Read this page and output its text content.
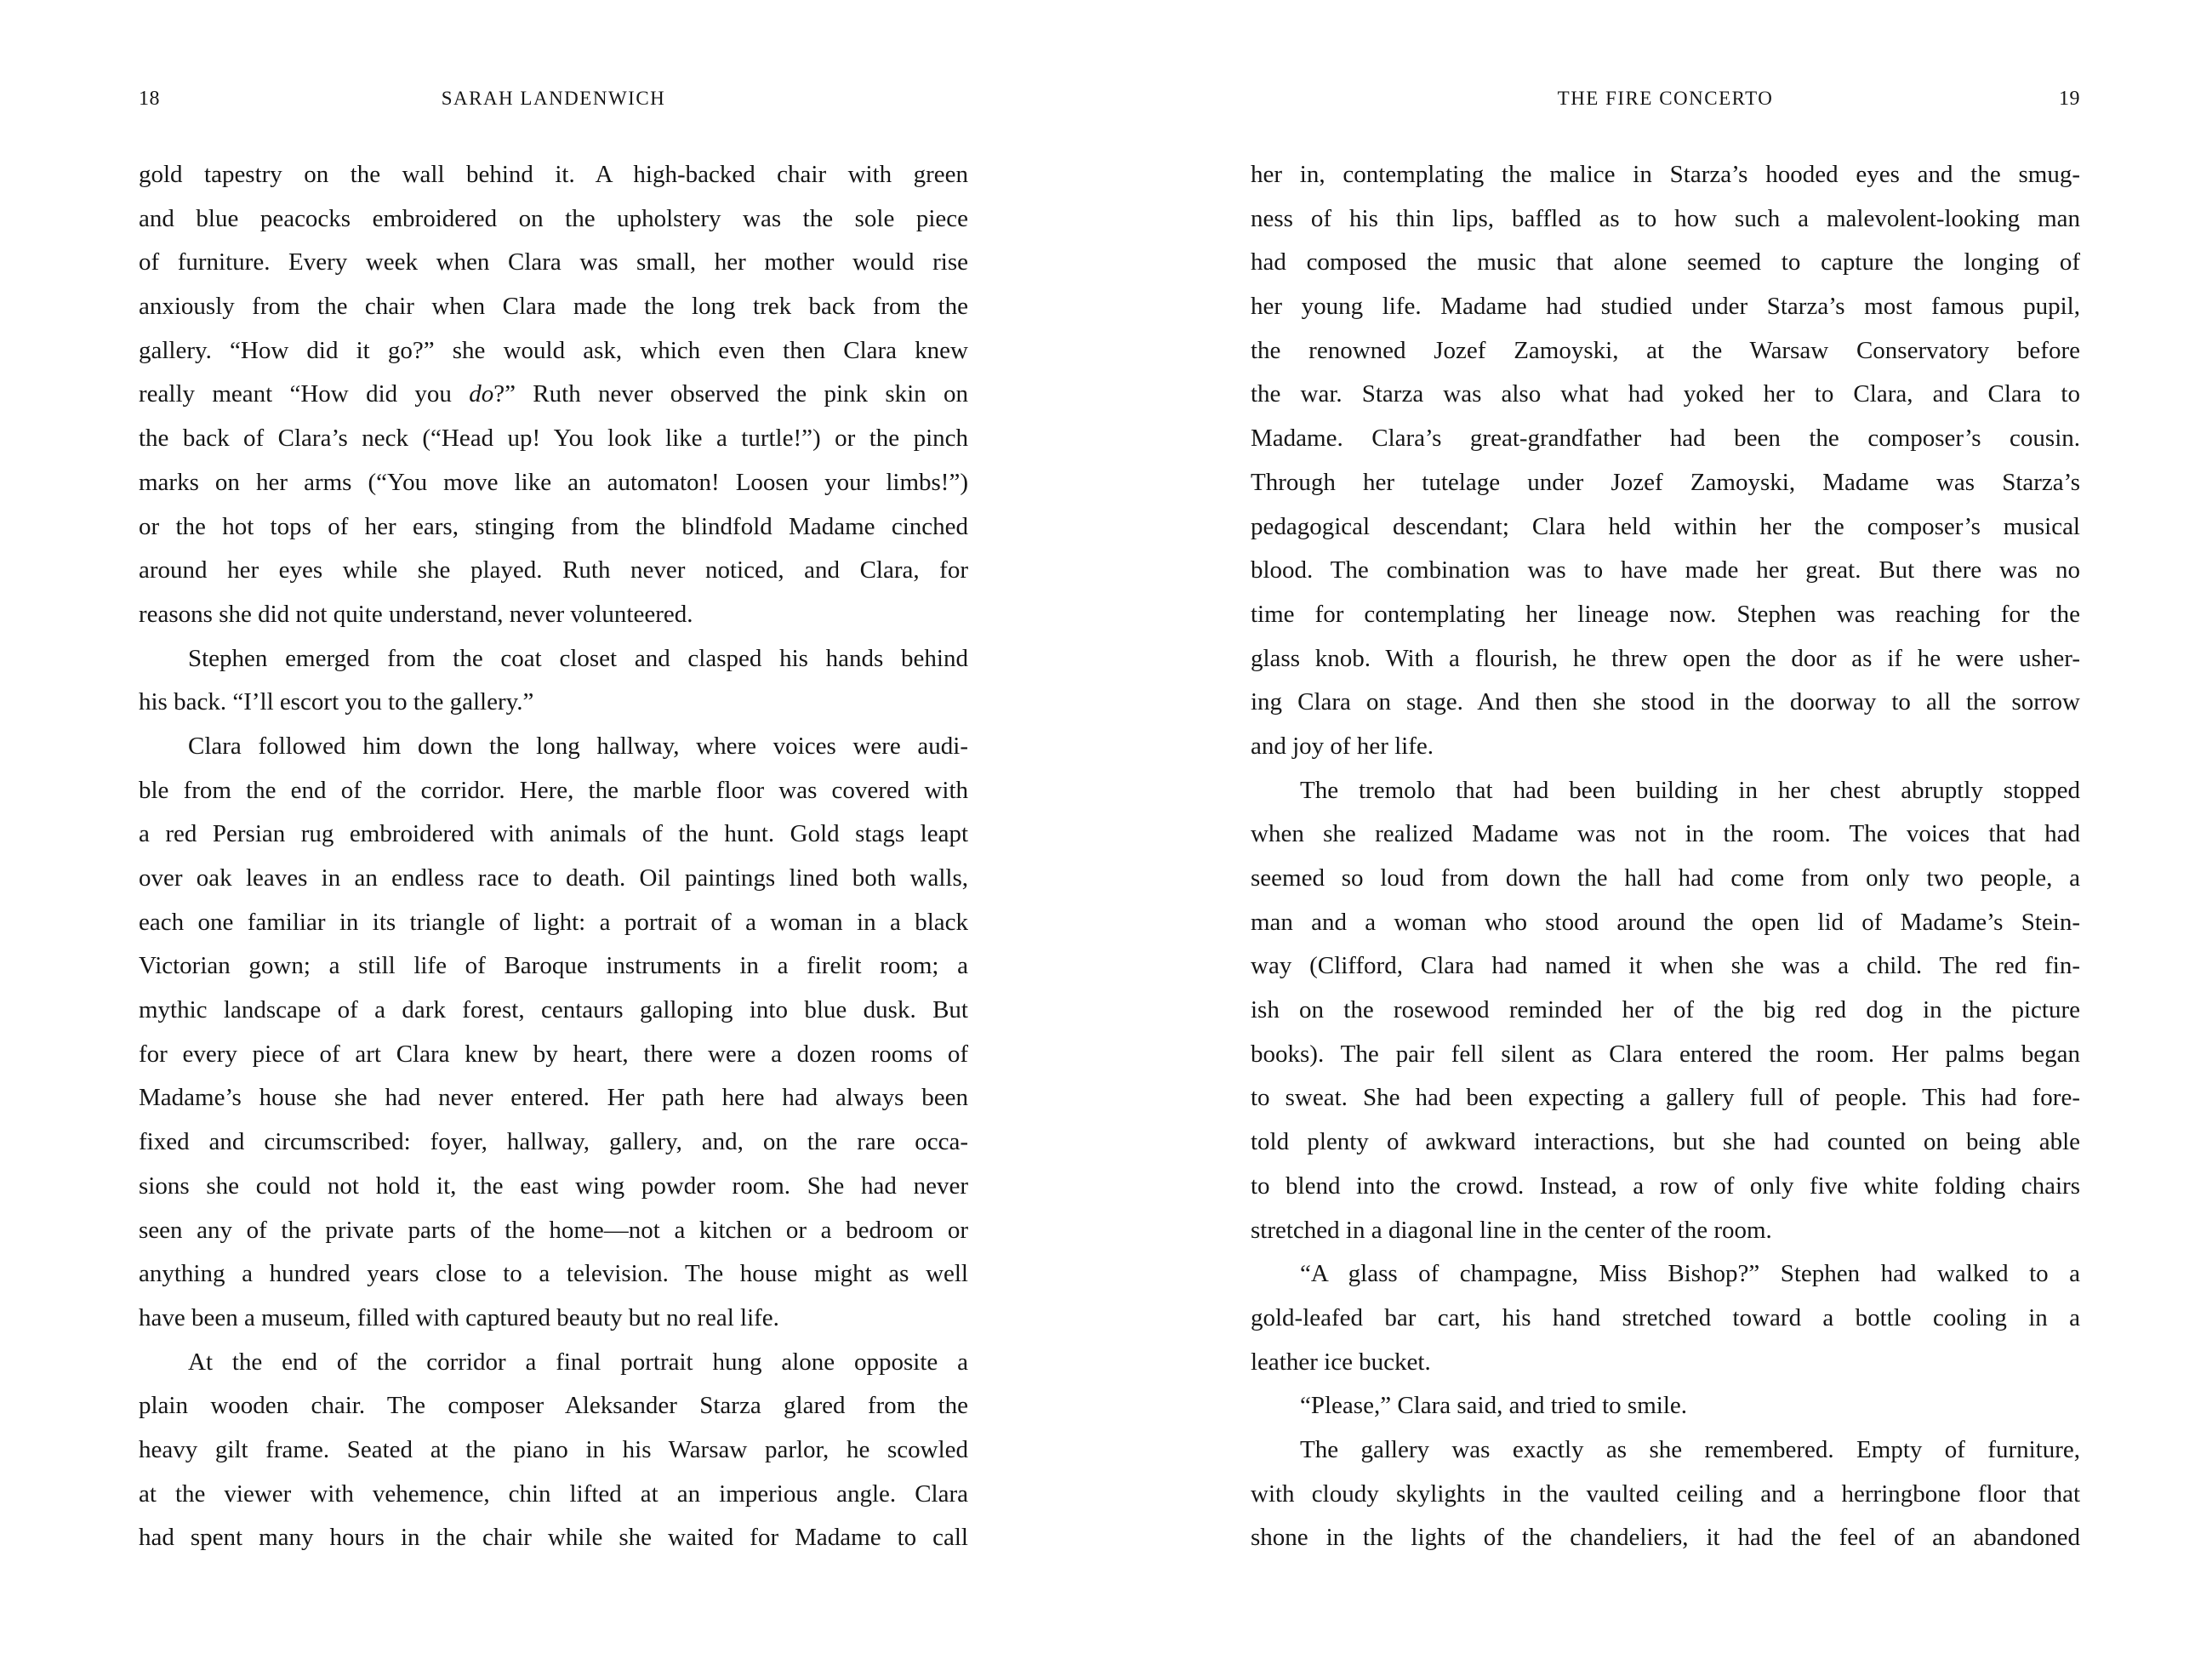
18	SARAH LANDENWICH
gold tapestry on the wall behind it. A high-backed chair with green
and blue peacocks embroidered on the upholstery was the sole piece
of furniture. Every week when Clara was small, her mother would rise
anxiously from the chair when Clara made the long trek back from the
gallery. “How did it go?” she would ask, which even then Clara knew
really meant “How did you do?” Ruth never observed the pink skin on
the back of Clara’s neck (“Head up! You look like a turtle!”) or the pinch
marks on her arms (“You move like an automaton! Loosen your limbs!”)
or the hot tops of her ears, stinging from the blindfold Madame cinched
around her eyes while she played. Ruth never noticed, and Clara, for
reasons she did not quite understand, never volunteered.
Stephen emerged from the coat closet and clasped his hands behind
his back. “I’ll escort you to the gallery.”
Clara followed him down the long hallway, where voices were audi-
ble from the end of the corridor. Here, the marble floor was covered with
a red Persian rug embroidered with animals of the hunt. Gold stags leapt
over oak leaves in an endless race to death. Oil paintings lined both walls,
each one familiar in its triangle of light: a portrait of a woman in a black
Victorian gown; a still life of Baroque instruments in a firelit room; a
mythic landscape of a dark forest, centaurs galloping into blue dusk. But
for every piece of art Clara knew by heart, there were a dozen rooms of
Madame’s house she had never entered. Her path here had always been
fixed and circumscribed: foyer, hallway, gallery, and, on the rare occa-
sions she could not hold it, the east wing powder room. She had never
seen any of the private parts of the home—not a kitchen or a bedroom or
anything a hundred years close to a television. The house might as well
have been a museum, filled with captured beauty but no real life.
At the end of the corridor a final portrait hung alone opposite a
plain wooden chair. The composer Aleksander Starza glared from the
heavy gilt frame. Seated at the piano in his Warsaw parlor, he scowled
at the viewer with vehemence, chin lifted at an imperious angle. Clara
had spent many hours in the chair while she waited for Madame to call
THE FIRE CONCERTO	19
her in, contemplating the malice in Starza’s hooded eyes and the smug-
ness of his thin lips, baffled as to how such a malevolent-looking man
had composed the music that alone seemed to capture the longing of
her young life. Madame had studied under Starza’s most famous pupil,
the renowned Jozef Zamoyski, at the Warsaw Conservatory before
the war. Starza was also what had yoked her to Clara, and Clara to
Madame. Clara’s great-grandfather had been the composer’s cousin.
Through her tutelage under Jozef Zamoyski, Madame was Starza’s
pedagogical descendant; Clara held within her the composer’s musical
blood. The combination was to have made her great. But there was no
time for contemplating her lineage now. Stephen was reaching for the
glass knob. With a flourish, he threw open the door as if he were usher-
ing Clara on stage. And then she stood in the doorway to all the sorrow
and joy of her life.
The tremolo that had been building in her chest abruptly stopped
when she realized Madame was not in the room. The voices that had
seemed so loud from down the hall had come from only two people, a
man and a woman who stood around the open lid of Madame’s Stein-
way (Clifford, Clara had named it when she was a child. The red fin-
ish on the rosewood reminded her of the big red dog in the picture
books). The pair fell silent as Clara entered the room. Her palms began
to sweat. She had been expecting a gallery full of people. This had fore-
told plenty of awkward interactions, but she had counted on being able
to blend into the crowd. Instead, a row of only five white folding chairs
stretched in a diagonal line in the center of the room.
“A glass of champagne, Miss Bishop?” Stephen had walked to a
gold-leafed bar cart, his hand stretched toward a bottle cooling in a
leather ice bucket.
“Please,” Clara said, and tried to smile.
The gallery was exactly as she remembered. Empty of furniture,
with cloudy skylights in the vaulted ceiling and a herringbone floor that
shone in the lights of the chandeliers, it had the feel of an abandoned
